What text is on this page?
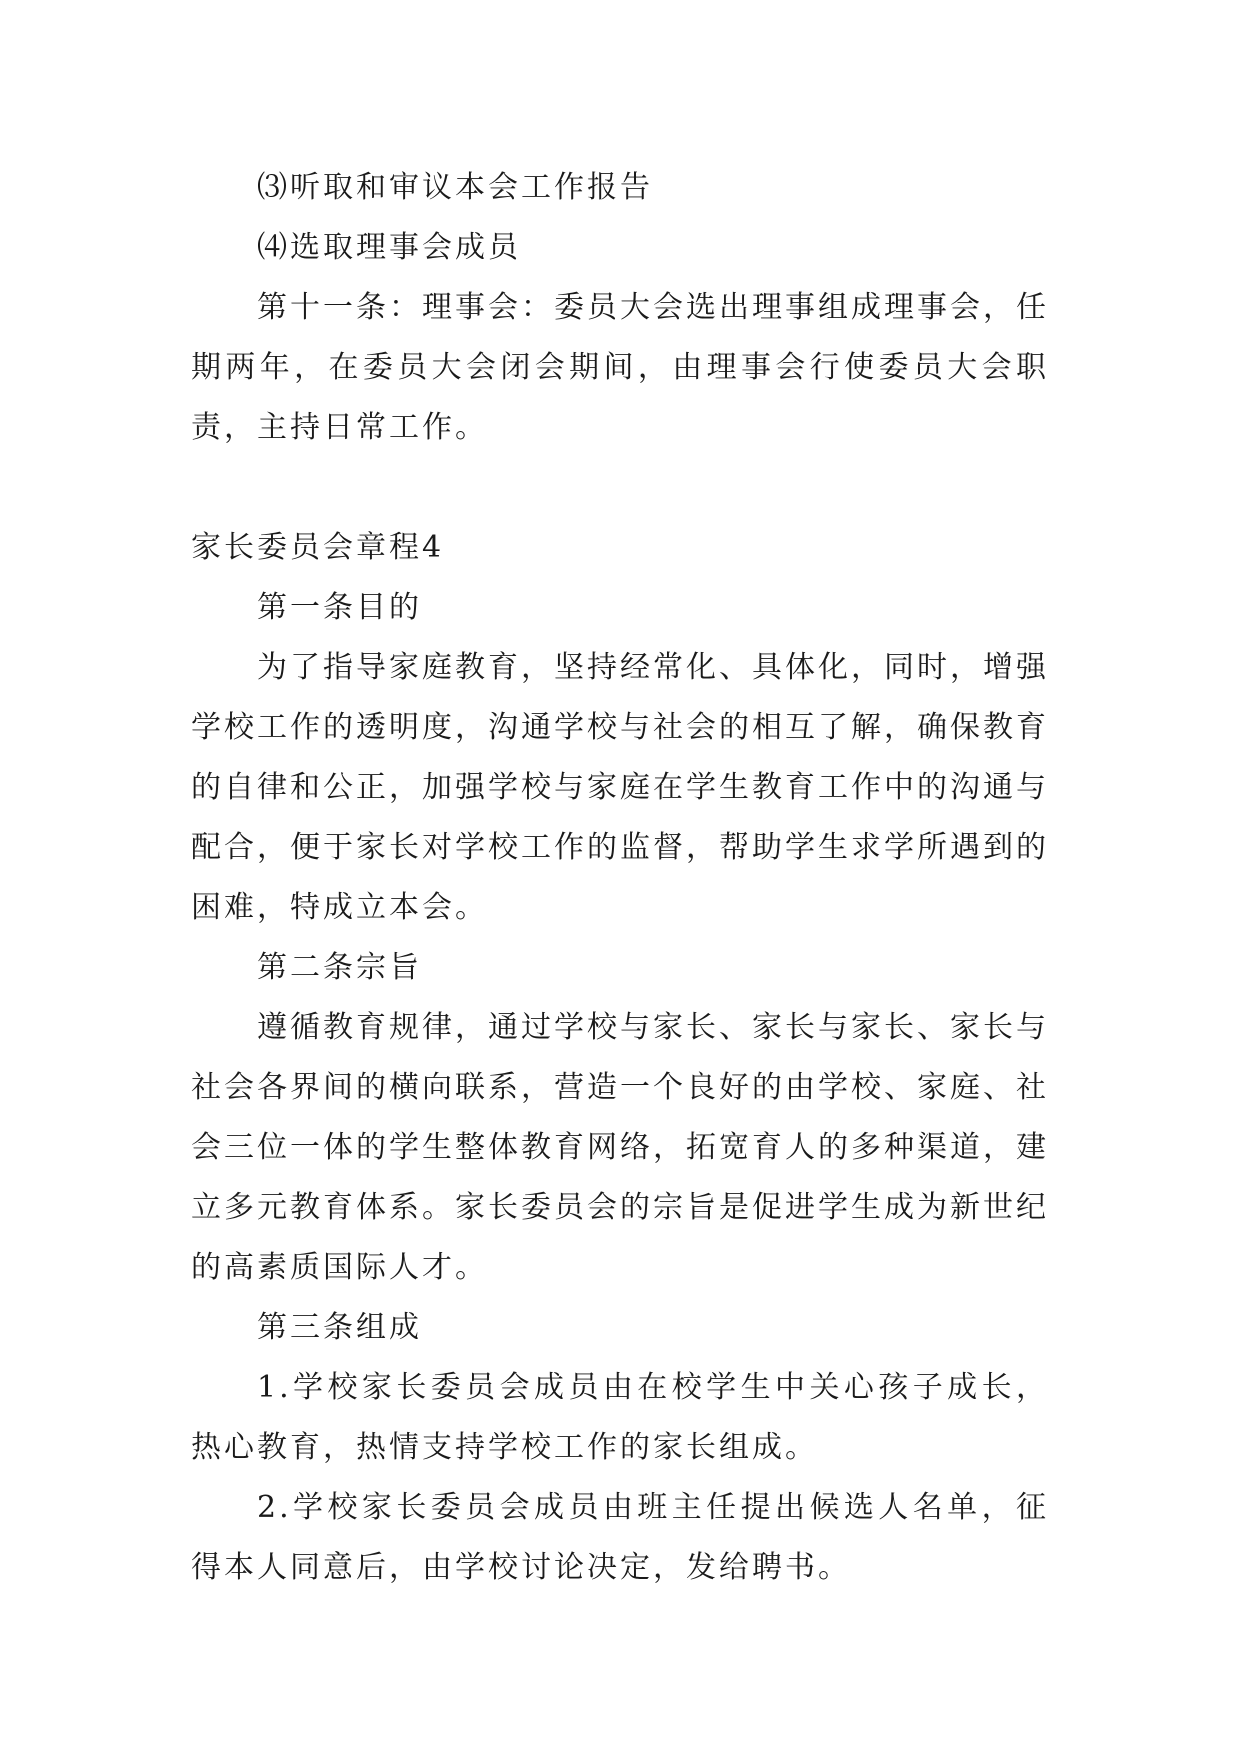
⑶听取和审议本会工作报告

⑷选取理事会成员

第十一条：理事会：委员大会选出理事组成理事会，任期两年，在委员大会闭会期间，由理事会行使委员大会职责，主持日常工作。

家长委员会章程4

第一条目的

为了指导家庭教育，坚持经常化、具体化，同时，增强学校工作的透明度，沟通学校与社会的相互了解，确保教育的自律和公正，加强学校与家庭在学生教育工作中的沟通与配合，便于家长对学校工作的监督，帮助学生求学所遇到的困难，特成立本会。

第二条宗旨

遵循教育规律，通过学校与家长、家长与家长、家长与社会各界间的横向联系，营造一个良好的由学校、家庭、社会三位一体的学生整体教育网络，拓宽育人的多种渠道，建立多元教育体系。家长委员会的宗旨是促进学生成为新世纪的高素质国际人才。

第三条组成

1.学校家长委员会成员由在校学生中关心孩子成长，热心教育，热情支持学校工作的家长组成。

2.学校家长委员会成员由班主任提出候选人名单，征得本人同意后，由学校讨论决定，发给聘书。
